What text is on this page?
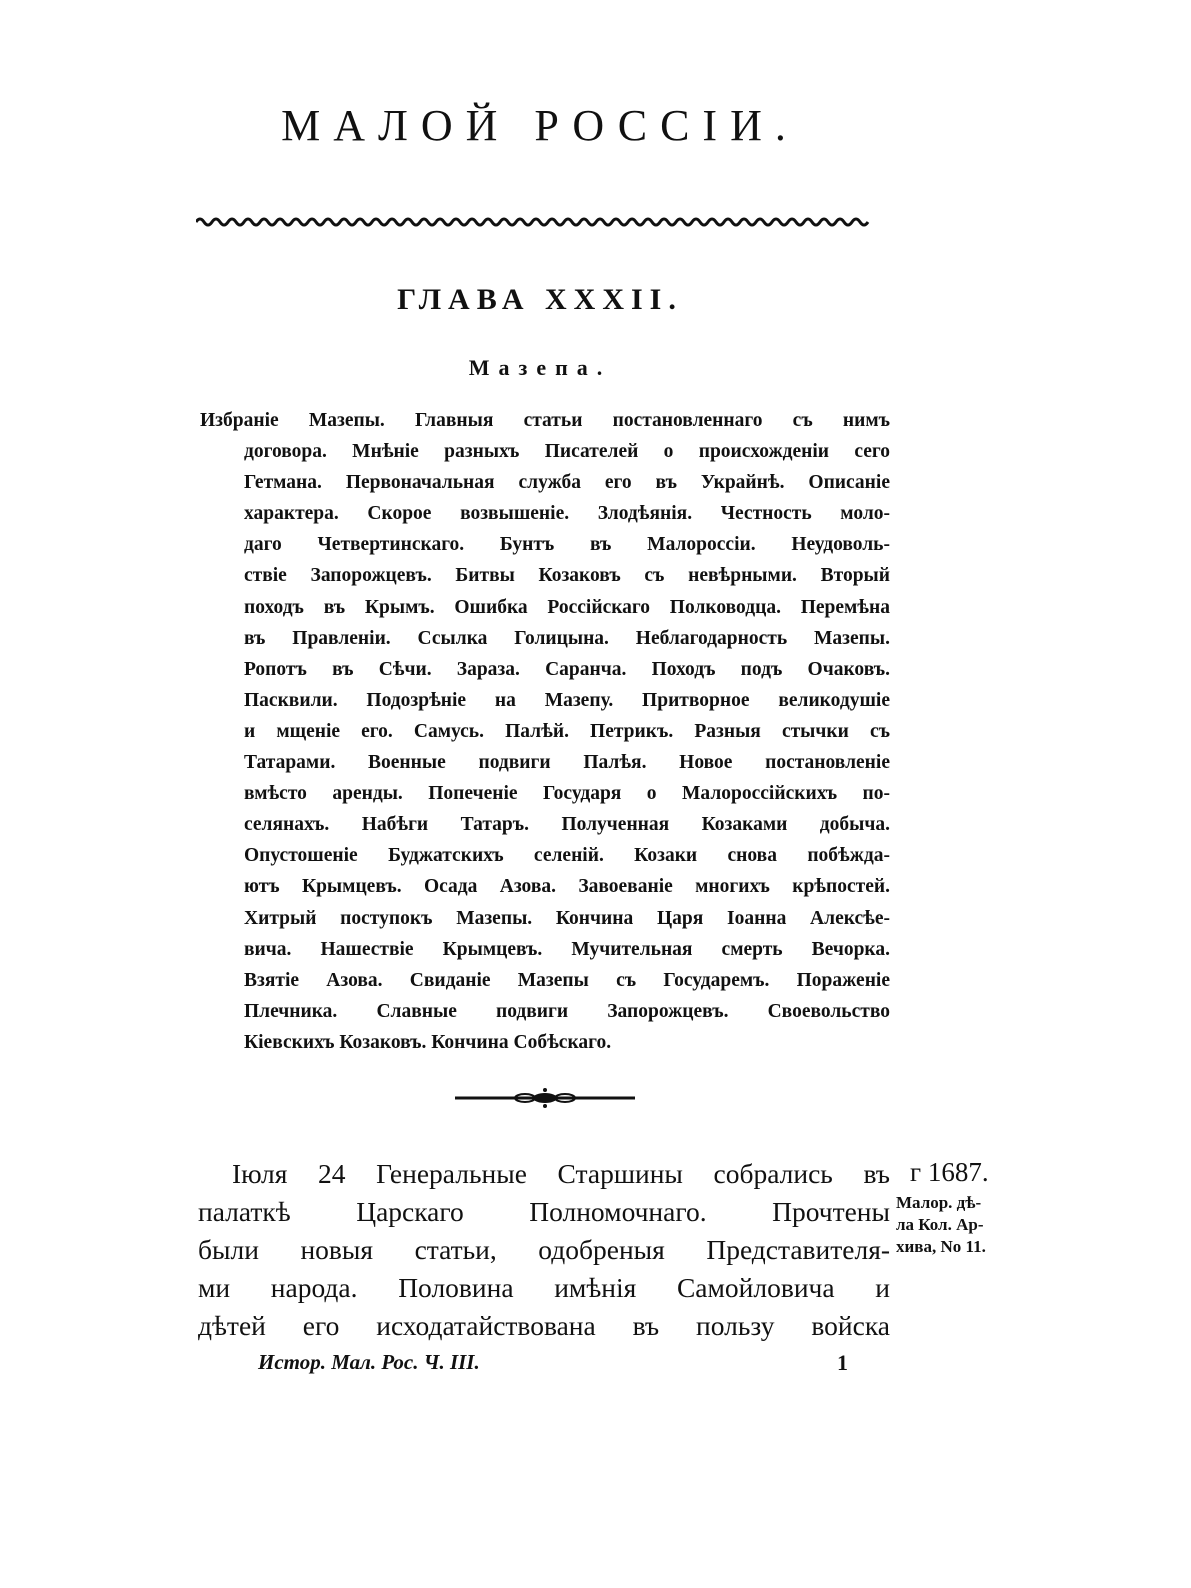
МАЛОЙ РОССІИ.
ГЛАВА XXXII.
Мазепа.
Избраніе Мазепы. Главныя статьи постановленнаго съ нимъ
договора. Мнѣніе разныхъ Писателей о происхожденіи сего
Гетмана. Первоначальная служба его въ Украйнѣ. Описаніе
характера. Скорое возвышеніе. Злодѣянія. Честность моло-
даго Четвертинскаго. Бунтъ въ Малороссіи. Неудоволь-
ствіе Запорожцевъ. Битвы Козаковъ съ невѣрными. Вторый
походъ въ Крымъ. Ошибка Россійскаго Полководца. Перемѣна
въ Правленіи. Ссылка Голицына. Неблагодарность Мазепы.
Ропотъ въ Сѣчи. Зараза. Саранча. Походъ подъ Очаковъ.
Пасквили. Подозрѣніе на Мазепу. Притворное великодушіе
и мщеніе его. Самусь. Палѣй. Петрикъ. Разныя стычки съ
Татарами. Военные подвиги Палѣя. Новое постановленіе
вмѣсто аренды. Попеченіе Государя о Малороссійскихъ по-
селянахъ. Набѣги Татаръ. Полученная Козаками добыча.
Опустошеніе Буджатскихъ селеній. Козаки снова побѣжда-
ютъ Крымцевъ. Осада Азова. Завоеваніе многихъ крѣпостей.
Хитрый поступокъ Мазепы. Кончина Царя Іоанна Алексѣе-
вича. Нашествіе Крымцевъ. Мучительная смерть Вечорка.
Взятіе Азова. Свиданіе Мазепы съ Государемъ. Пораженіе
Плечника. Славные подвиги Запорожцевъ. Своевольство
Кіевскихъ Козаковъ. Кончина Собѣскаго.
Іюля 24 Генеральные Старшины собрались въ
палаткѣ Царскаго Полномочнаго. Прочтены
были новыя статьи, одобреныя Представителя-
ми народа. Половина имѣнія Самойловича и
дѣтей его исходатайствована въ пользу войска
г 1687.
Малор. дѣ-
ла Кол. Ар-
хива, No 11.
Истор. Мал. Рос. Ч. III.	1
